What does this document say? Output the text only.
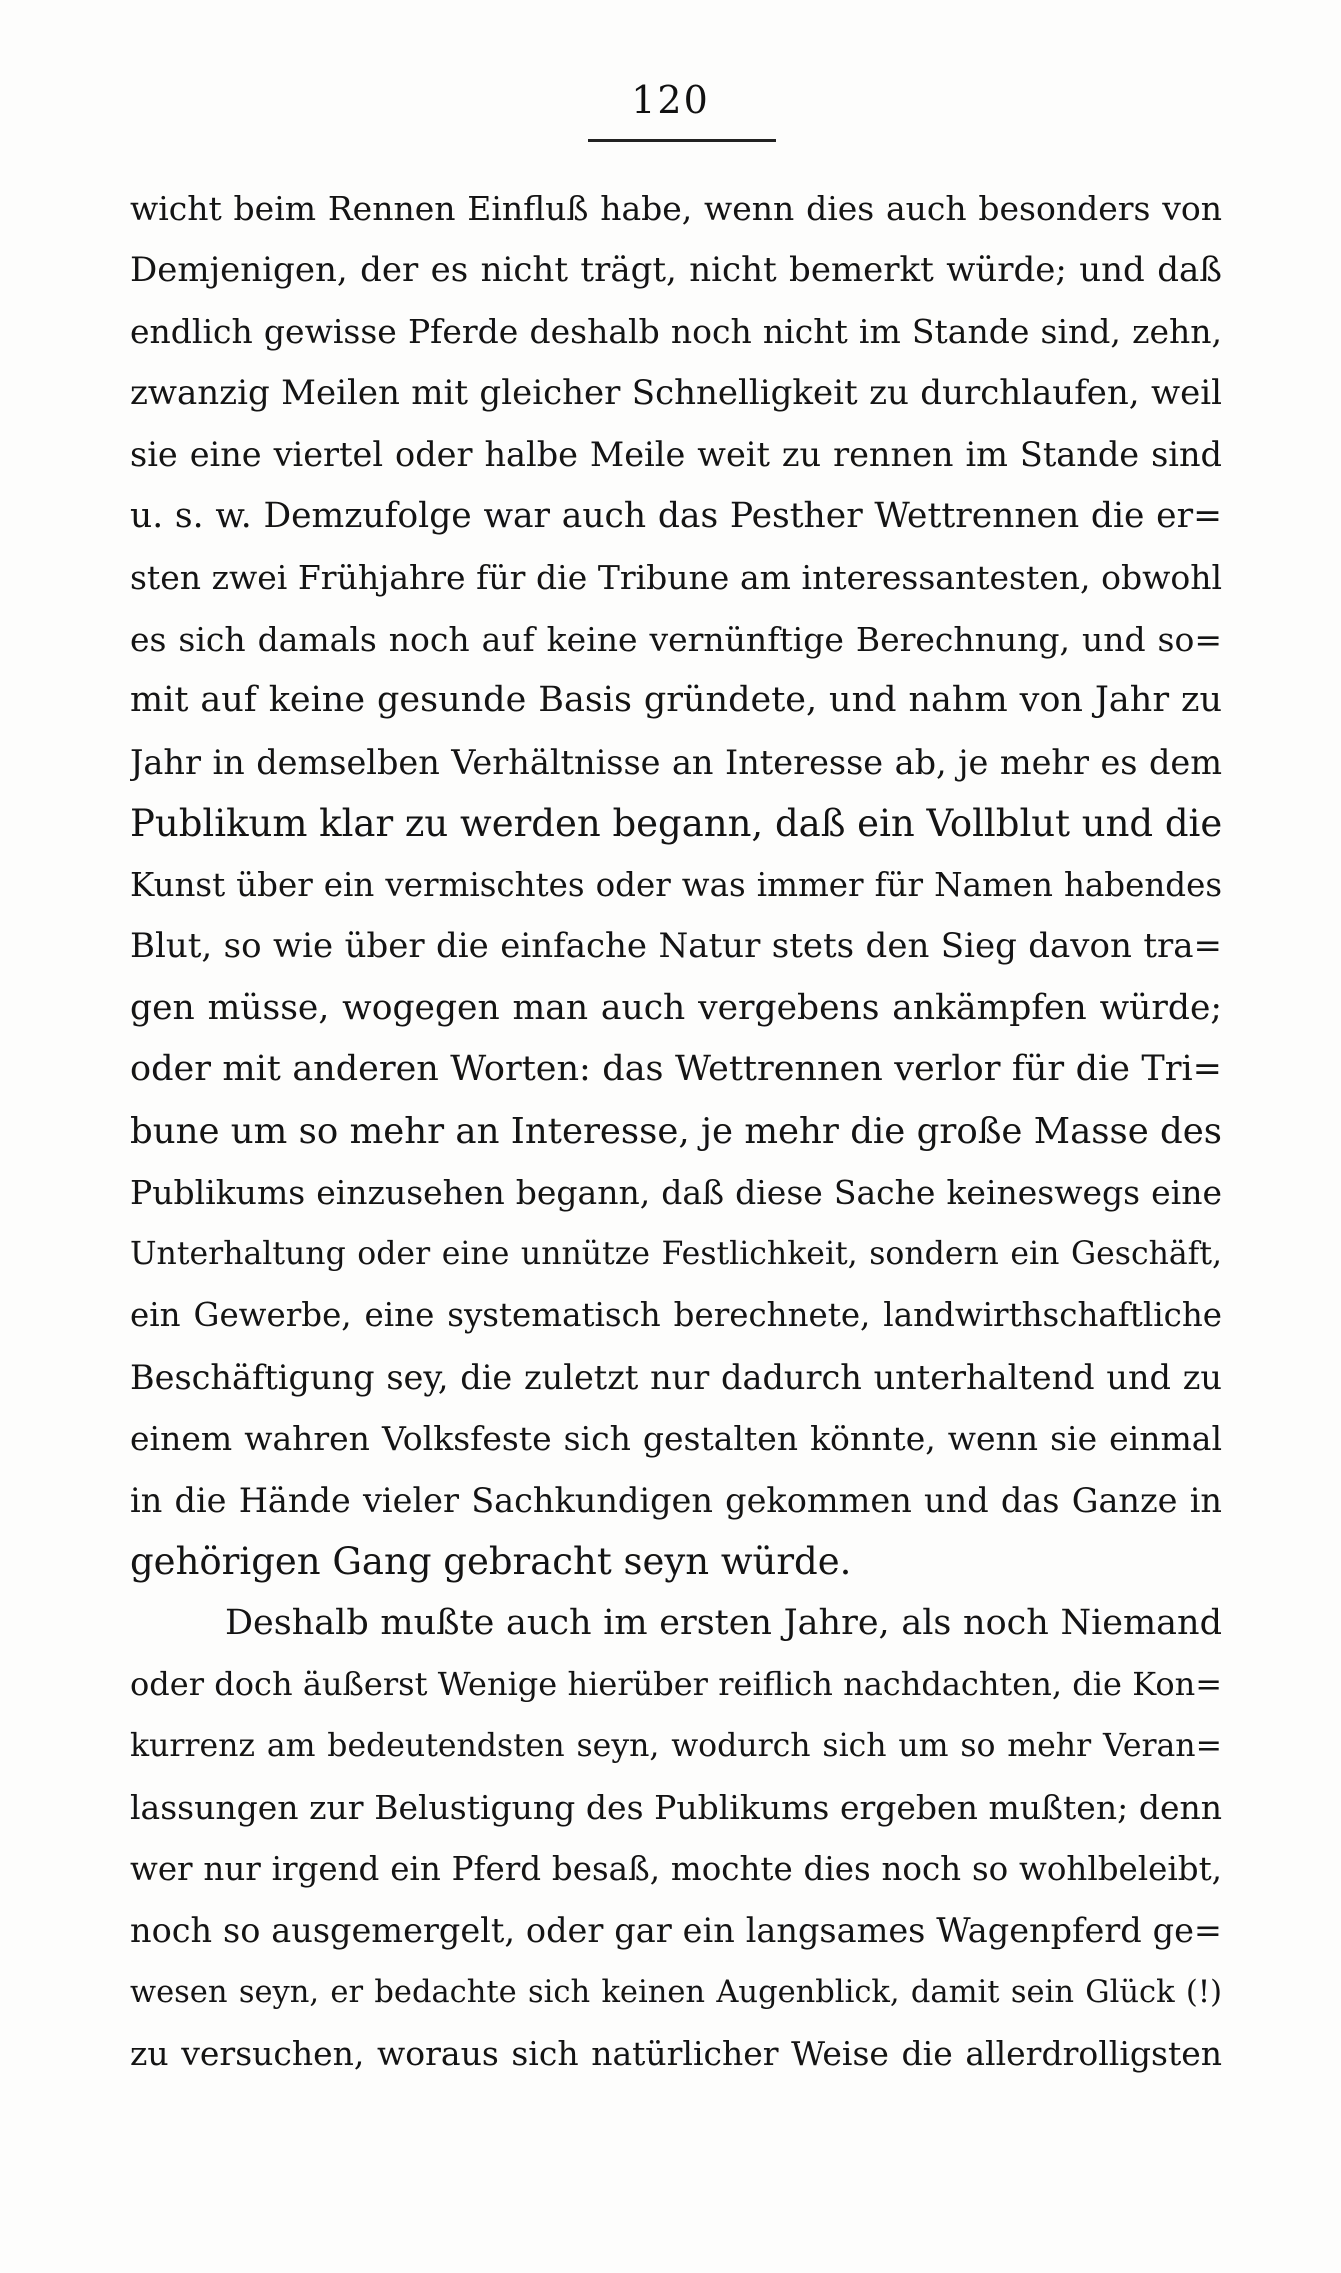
120
wicht beim Rennen Einfluß habe, wenn dies auch besonders von
Demjenigen, der es nicht trägt, nicht bemerkt würde; und daß
endlich gewisse Pferde deshalb noch nicht im Stande sind, zehn,
zwanzig Meilen mit gleicher Schnelligkeit zu durchlaufen, weil
sie eine viertel oder halbe Meile weit zu rennen im Stande sind
u. s. w. Demzufolge war auch das Pesther Wettrennen die er=
sten zwei Frühjahre für die Tribune am interessantesten, obwohl
es sich damals noch auf keine vernünftige Berechnung, und so=
mit auf keine gesunde Basis gründete, und nahm von Jahr zu
Jahr in demselben Verhältnisse an Interesse ab, je mehr es dem
Publikum klar zu werden begann, daß ein Vollblut und die
Kunst über ein vermischtes oder was immer für Namen habendes
Blut, so wie über die einfache Natur stets den Sieg davon tra=
gen müsse, wogegen man auch vergebens ankämpfen würde;
oder mit anderen Worten: das Wettrennen verlor für die Tri=
bune um so mehr an Interesse, je mehr die große Masse des
Publikums einzusehen begann, daß diese Sache keineswegs eine
Unterhaltung oder eine unnütze Festlichkeit, sondern ein Geschäft,
ein Gewerbe, eine systematisch berechnete, landwirthschaftliche
Beschäftigung sey, die zuletzt nur dadurch unterhaltend und zu
einem wahren Volksfeste sich gestalten könnte, wenn sie einmal
in die Hände vieler Sachkundigen gekommen und das Ganze in
gehörigen Gang gebracht seyn würde.
Deshalb mußte auch im ersten Jahre, als noch Niemand
oder doch äußerst Wenige hierüber reiflich nachdachten, die Kon=
kurrenz am bedeutendsten seyn, wodurch sich um so mehr Veran=
lassungen zur Belustigung des Publikums ergeben mußten; denn
wer nur irgend ein Pferd besaß, mochte dies noch so wohlbeleibt,
noch so ausgemergelt, oder gar ein langsames Wagenpferd ge=
wesen seyn, er bedachte sich keinen Augenblick, damit sein Glück (!)
zu versuchen, woraus sich natürlicher Weise die allerdrolligsten
